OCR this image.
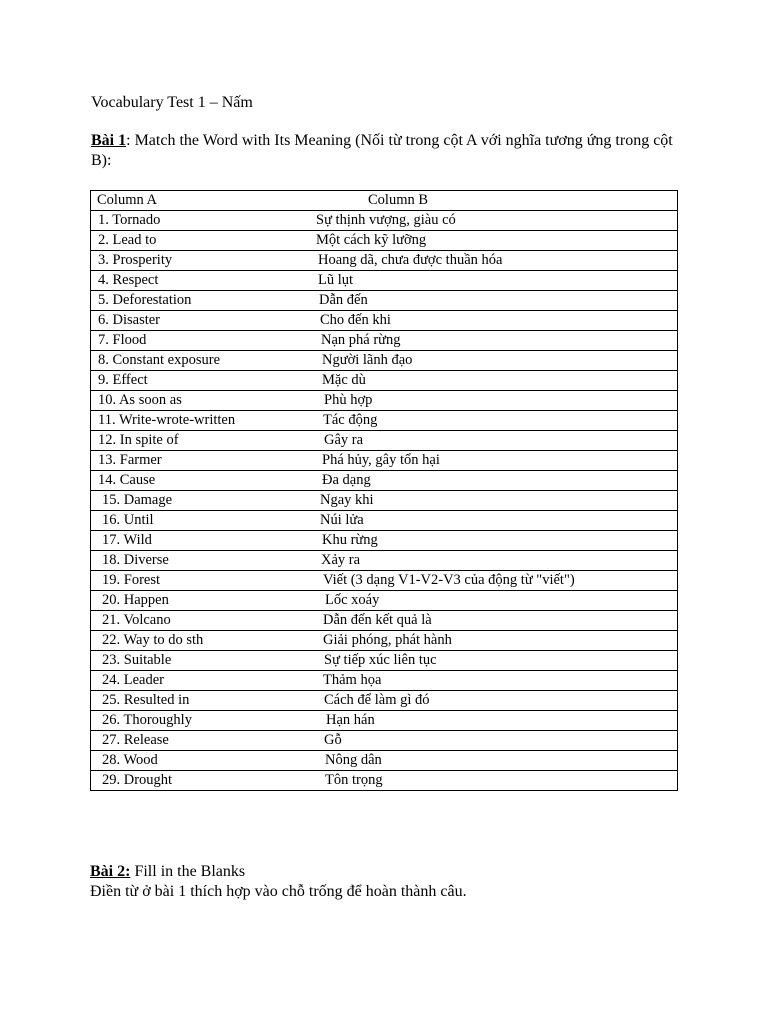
Vocabulary Test 1 – Nấm
Bài 1: Match the Word with Its Meaning (Nối từ trong cột A với nghĩa tương ứng trong cột B):
Column A	Column B
1. Tornado	Sự thịnh vượng, giàu có
2. Lead to	Một cách kỹ lưỡng
3. Prosperity	Hoang dã, chưa được thuần hóa
4. Respect	Lũ lụt
5. Deforestation	Dẫn đến
6. Disaster	Cho đến khi
7. Flood	Nạn phá rừng
8. Constant exposure	Người lãnh đạo
9. Effect	Mặc dù
10. As soon as	Phù hợp
11. Write-wrote-written	Tác động
12. In spite of	Gây ra
13. Farmer	Phá hủy, gây tổn hại
14. Cause	Đa dạng
15. Damage	Ngay khi
16. Until	Núi lửa
17. Wild	Khu rừng
18. Diverse	Xảy ra
19. Forest	Viết (3 dạng V1-V2-V3 của động từ "viết")
20. Happen	Lốc xoáy
21. Volcano	Dẫn đến kết quả là
22. Way to do sth	Giải phóng, phát hành
23. Suitable	Sự tiếp xúc liên tục
24. Leader	Thảm họa
25. Resulted in	Cách để làm gì đó
26. Thoroughly	Hạn hán
27. Release	Gỗ
28. Wood	Nông dân
29. Drought	Tôn trọng
Bài 2: Fill in the Blanks
Điền từ ở bài 1 thích hợp vào chỗ trống để hoàn thành câu.
